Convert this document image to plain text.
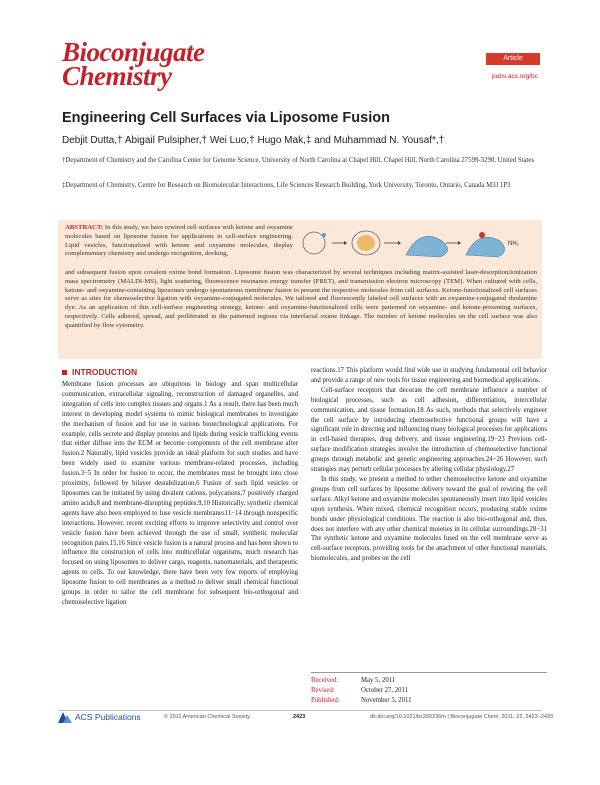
Bioconjugate
Chemistry
Article
pubs.acs.org/bc
Engineering Cell Surfaces via Liposome Fusion
Debjit Dutta,† Abigail Pulsipher,† Wei Luo,† Hugo Mak,‡ and Muhammad N. Yousaf*,†
†Department of Chemistry and the Carolina Center for Genome Science, University of North Carolina at Chapel Hill, Chapel Hill, North Carolina 27599-3290, United States
‡Department of Chemistry, Centre for Research on Biomolecular Interactions, Life Sciences Research Building, York University, Toronto, Ontario, Canada M3J 1P3
ABSTRACT: In this study, we have rewired cell surfaces with ketone and oxyamine molecules based on liposome fusion for applications in cell-surface engineering. Lipid vesicles, functionalized with ketone and oxyamine molecules, display complementary chemistry and undergo recognition, docking,
NH₂
and subsequent fusion upon covalent oxime bond formation. Liposome fusion was characterized by several techniques including matrix-assisted laser-desorption/ionization mass spectrometry (MALDI-MS), light scattering, fluorescence resonance energy transfer (FRET), and transmission electron microscopy (TEM). When cultured with cells, ketone- and oxyamine-containing liposomes undergo spontaneous membrane fusion to present the respective molecules from cell surfaces. Ketone-functionalized cell surfaces serve as sites for chemoselective ligation with oxyamine-conjugated molecules. We tailored and fluorescently labeled cell surfaces with an oxyamine-conjugated rhodamine dye. As an application of this cell-surface engineering strategy, ketone- and oxyamine-functionalized cells were patterned on oxyamine- and ketone-presenting surfaces, respectively. Cells adhered, spread, and proliferated in the patterned regions via interfacial oxime linkage. The number of ketone molecules on the cell surface was also quantified by flow cytometry.
INTRODUCTION

Membrane fusion processes are ubiquitous in biology and span multicellular communication, extracellular signaling, reconstruction of damaged organelles, and integration of cells into complex tissues and organs.1 As a result, there has been much interest in developing model systems to mimic biological membranes to investigate the mechanism of fusion and for use in various biotechnological applications. For example, cells secrete and display proteins and lipids during vesicle trafficking events that either diffuse into the ECM or become components of the cell membrane after fusion.2 Naturally, lipid vesicles provide an ideal platform for such studies and have been widely used to examine various membrane-related processes, including fusion.3−5 In order for fusion to occur, the membranes must be brought into close proximity, followed by bilayer destabilization.6 Fusion of such lipid vesicles or liposomes can be initiated by using divalent cations, polycations,7 positively charged amino acids,8 and membrane-disrupting peptides.9,10 Historically, synthetic chemical agents have also been employed to fuse vesicle membranes11−14 through nonspecific interactions. However, recent exciting efforts to improve selectivity and control over vesicle fusion have been achieved through the use of small, synthetic molecular recognition pairs.15,16 Since vesicle fusion is a natural process and has been shown to influence the construction of cells into multicellular organisms, much research has focused on using liposomes to deliver cargo, reagents, nanomaterials, and therapeutic agents to cells. To our knowledge, there have been very few reports of employing liposome fusion to cell membranes as a method to deliver small chemical functional groups in order to tailor the cell membrane for subsequent bio-orthogonal and chemoselective ligation

reactions.17 This platform would find wide use in studying fundamental cell behavior and provide a range of new tools for tissue engineering and biomedical applications.

Cell-surface receptors that decorate the cell membrane influence a number of biological processes, such as cell adhesion, differentiation, intercellular communication, and tissue formation.18 As such, methods that selectively engineer the cell surface by introducing chemoselective functional groups will have a significant role in directing and influencing many biological processes for applications in cell-based therapies, drug delivery, and tissue engineering.19−23 Previous cell-surface modification strategies involve the introduction of chemoselective functional groups through metabolic and genetic engineering approaches.24−26 However, such strategies may perturb cellular processes by altering cellular physiology.27

In this study, we present a method to tether chemoselective ketone and oxyamine groups from cell surfaces by liposome delivery toward the goal of rewiring the cell surface. Alkyl ketone and oxyamine molecules spontaneously insert into lipid vesicles upon synthesis. When mixed, chemical recognition occurs, producing stable oxime bonds under physiological conditions. The reaction is also bio-orthogonal and, thus, does not interfere with any other chemical moieties in its cellular surroundings.28−31 The synthetic ketone and oxyamine molecules fused on the cell membrane serve as cell-surface receptors, providing tools for the attachment of other functional materials, biomolecules, and probes on the cell

Received:	May 5, 2011
Revised:	October 27, 2011
Published:	November 5, 2011
ACS Publications	© 2011 American Chemical Society	2423	dx.doi.org/10.1021/bc200236m | Bioconjugate Chem. 2011, 22, 2423−2433
